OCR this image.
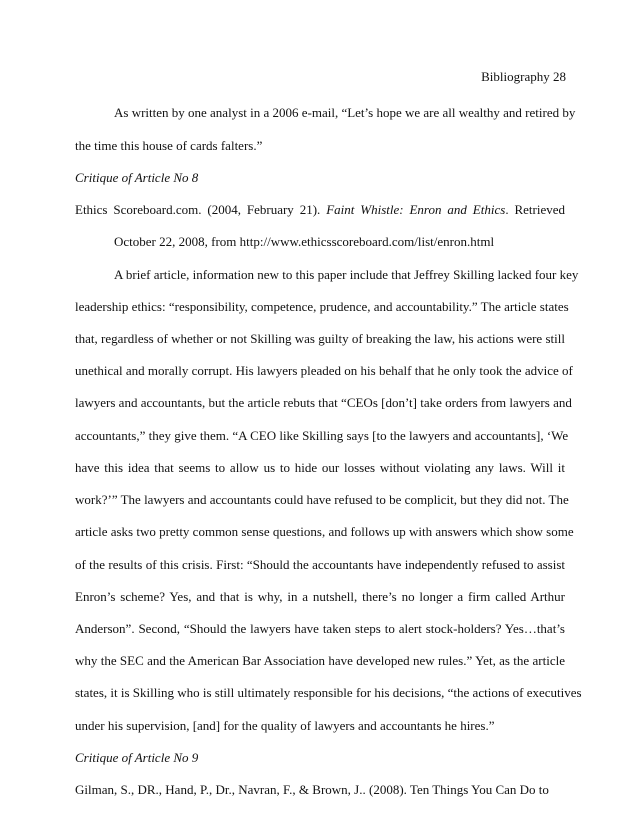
Bibliography 28
As written by one analyst in a 2006 e-mail, “Let’s hope we are all wealthy and retired by
the time this house of cards falters.”
Critique of Article No 8
Ethics Scoreboard.com. (2004, February 21). Faint Whistle: Enron and Ethics. Retrieved
October 22, 2008, from http://www.ethicsscoreboard.com/list/enron.html
A brief article, information new to this paper include that Jeffrey Skilling lacked four key
leadership ethics: “responsibility, competence, prudence, and accountability.” The article states
that, regardless of whether or not Skilling was guilty of breaking the law, his actions were still
unethical and morally corrupt. His lawyers pleaded on his behalf that he only took the advice of
lawyers and accountants, but the article rebuts that “CEOs [don’t] take orders from lawyers and
accountants,” they give them. “A CEO like Skilling says [to the lawyers and accountants], ‘We
have this idea that seems to allow us to hide our losses without violating any laws. Will it
work?’” The lawyers and accountants could have refused to be complicit, but they did not. The
article asks two pretty common sense questions, and follows up with answers which show some
of the results of this crisis. First: “Should the accountants have independently refused to assist
Enron’s scheme? Yes, and that is why, in a nutshell, there’s no longer a firm called Arthur
Anderson”. Second, “Should the lawyers have taken steps to alert stock-holders? Yes…that’s
why the SEC and the American Bar Association have developed new rules.” Yet, as the article
states, it is Skilling who is still ultimately responsible for his decisions, “the actions of executives
under his supervision, [and] for the quality of lawyers and accountants he hires.”
Critique of Article No 9
Gilman, S., DR., Hand, P., Dr., Navran, F., & Brown, J.. (2008). Ten Things You Can Do to
